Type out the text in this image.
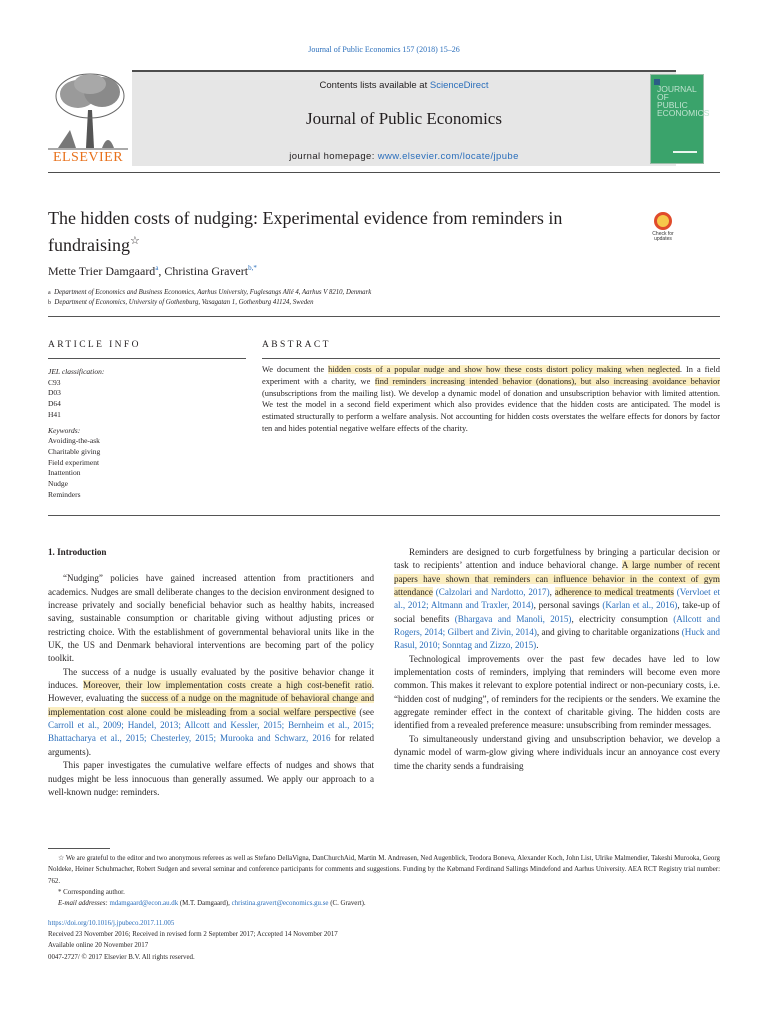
Journal of Public Economics 157 (2018) 15–26
ELSEVIER
Contents lists available at ScienceDirect
Journal of Public Economics
journal homepage: www.elsevier.com/locate/jpube
JOURNAL OF PUBLIC ECONOMICS
The hidden costs of nudging: Experimental evidence from reminders in fundraising☆
Check for updates
Mette Trier Damgaard$^a$, Christina Gravert$^{b,*}$
a Department of Economics and Business Economics, Aarhus University, Fuglesangs Allé 4, Aarhus V 8210, Denmark
b Department of Economics, University of Gothenburg, Vasagatan 1, Gothenburg 41124, Sweden
ARTICLE INFO	ABSTRACT
JEL classification:
C93
D03
D64
H41
Keywords:
Avoiding-the-ask
Charitable giving
Field experiment
Inattention
Nudge
Reminders
We document the hidden costs of a popular nudge and show how these costs distort policy making when neglected. In a field experiment with a charity, we find reminders increasing intended behavior (donations), but also increasing avoidance behavior (unsubscriptions from the mailing list). We develop a dynamic model of donation and unsubscription behavior with limited attention. We test the model in a second field experiment which also provides evidence that the hidden costs are anticipated. The model is estimated structurally to perform a welfare analysis. Not accounting for hidden costs overstates the welfare effects for donors by factor ten and hides potential negative welfare effects of the charity.
1. Introduction

“Nudging” policies have gained increased attention from practitioners and academics. Nudges are small deliberate changes to the decision environment designed to increase privately and socially beneficial behavior such as healthy habits, increased saving, sustainable consumption or charitable giving without adjusting prices or restricting choice. With the establishment of governmental behavioral units like in the UK, the US and Denmark behavioral interventions are becoming part of the policy toolkit.

The success of a nudge is usually evaluated by the positive behavior change it induces. Moreover, their low implementation costs create a high cost-benefit ratio. However, evaluating the success of a nudge on the magnitude of behavioral change and implementation cost alone could be misleading from a social welfare perspective (see Carroll et al., 2009; Handel, 2013; Allcott and Kessler, 2015; Bernheim et al., 2015; Bhattacharya et al., 2015; Chesterley, 2015; Murooka and Schwarz, 2016 for related arguments).

This paper investigates the cumulative welfare effects of nudges and shows that nudges might be less innocuous than generally assumed. We apply our approach to a well-known nudge: reminders.

Reminders are designed to curb forgetfulness by bringing a particular decision or task to recipients’ attention and induce behavioral change. A large number of recent papers have shown that reminders can influence behavior in the context of gym attendance (Calzolari and Nardotto, 2017), adherence to medical treatments (Vervloet et al., 2012; Altmann and Traxler, 2014), personal savings (Karlan et al., 2016), take-up of social benefits (Bhargava and Manoli, 2015), electricity consumption (Allcott and Rogers, 2014; Gilbert and Zivin, 2014), and giving to charitable organizations (Huck and Rasul, 2010; Sonntag and Zizzo, 2015).

Technological improvements over the past few decades have led to low implementation costs of reminders, implying that reminders will become even more common. This makes it relevant to explore potential indirect or non-pecuniary costs, i.e. “hidden cost of nudging”, of reminders for the recipients or the senders. We examine the aggregate reminder effect in the context of charitable giving. The hidden costs are identified from a revealed preference measure: unsubscribing from reminder messages.

To simultaneously understand giving and unsubscription behavior, we develop a dynamic model of warm-glow giving where individuals incur an annoyance cost every time the charity sends a fundraising

☆ We are grateful to the editor and two anonymous referees as well as Stefano DellaVigna, DanChurchAid, Martin M. Andreasen, Ned Augenblick, Teodora Boneva, Alexander Koch, John List, Ulrike Malmendier, Takeshi Murooka, Georg Noldeke, Heiner Schuhmacher, Robert Sudgen and several seminar and conference participants for comments and suggestions. Funding by the Købmand Ferdinand Sallings Mindefond and Aarhus University. AEA RCT Registry trial number: 762.

* Corresponding author.

E-mail addresses: mdamgaard@econ.au.dk (M.T. Damgaard), christina.gravert@economics.gu.se (C. Gravert).

https://doi.org/10.1016/j.jpubeco.2017.11.005

Received 23 November 2016; Received in revised form 2 September 2017; Accepted 14 November 2017

Available online 20 November 2017

0047-2727/ © 2017 Elsevier B.V. All rights reserved.
